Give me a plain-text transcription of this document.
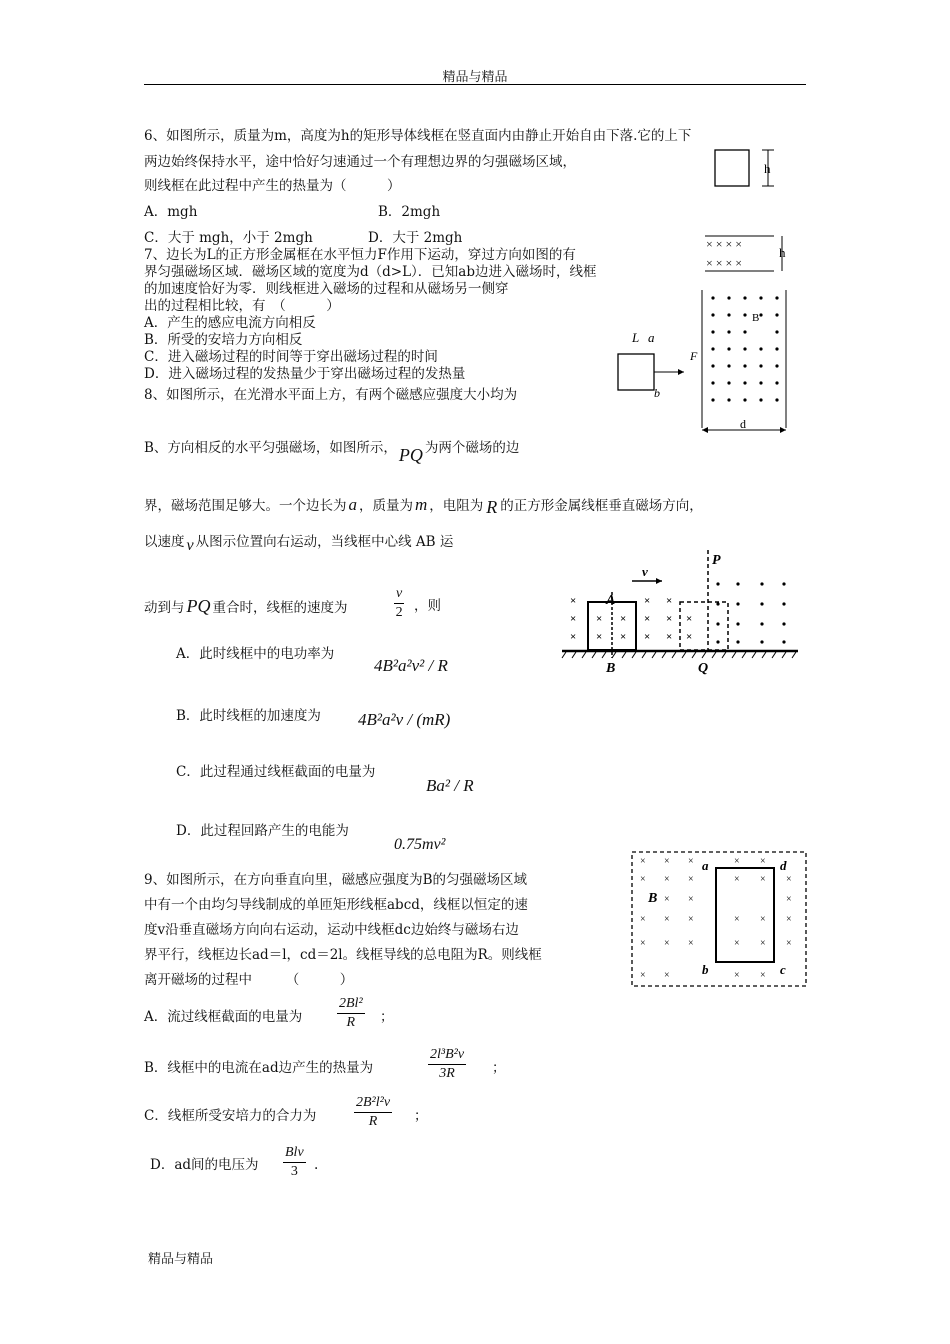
精品与精品
6、如图所示，质量为m，高度为h的矩形导体线框在竖直面内由静止开始自由下落.它的上下
两边始终保持水平，途中恰好匀速通过一个有理想边界的匀强磁场区域，
则线框在此过程中产生的热量为（　　　）
A．mgh	B．2mgh
C．大于 mgh，小于 2mgh	D．大于 2mgh
h
× × × ×
× × × ×
h
7、边长为L的正方形金属框在水平恒力F作用下运动，穿过方向如图的有
界匀强磁场区域．磁场区域的宽度为d（d>L）．已知ab边进入磁场时，线框
的加速度恰好为零．则线框进入磁场的过程和从磁场另一侧穿
出的过程相比较，有　（　　　）
A．产生的感应电流方向相反
B．所受的安培力方向相反
C．进入磁场过程的时间等于穿出磁场过程的时间
D．进入磁场过程的发热量少于穿出磁场过程的发热量
L a
b
F
B
d
8、如图所示，在光滑水平面上方，有两个磁感应强度大小均为
B、方向相反的水平匀强磁场，如图所示， PQ 为两个磁场的边
界，磁场范围足够大。一个边长为 a ，质量为 m ，电阻为 R 的正方形金属线框垂直磁场方向，
以速度 v 从图示位置向右运动，当线框中心线 AB 运
动到与 PQ 重合时，线框的速度为	$\frac{v}{2}$ ，则
A．此时线框中的电功率为
4B²a²v² / R
B．此时线框的加速度为 4B²a²v / (mR)
C．此过程通过线框截面的电量为
Ba² / R
D．此过程回路产生的电能为
0.75mv²
P
Q
A
B
v
×
×
×
×
×
×
×
×
×
×
×
×
×
×
×
9、如图所示，在方向垂直向里，磁感应强度为B的匀强磁场区域
中有一个由均匀导线制成的单匝矩形线框abcd，线框以恒定的速
度v沿垂直磁场方向向右运动，运动中线框dc边始终与磁场右边
界平行，线框边长ad＝l，cd＝2l。线框导线的总电阻为R。则线框
离开磁场的过程中　　　（　　　）
B
a	d
b	c
× × ×	× ×
× × ×	× × ×
× ×	×
× × ×	× × ×
× × ×	× × ×
× ×	× ×
A．流过线框截面的电量为 $\frac{\text{2Bl²}}{R}$ ；
B．线框中的电流在ad边产生的热量为	$\frac{\text{2l³B²v}}{3R}$ ；
C．线框所受安培力的合力为	$\frac{\text{2B²l²v}}{R}$ ；
D．ad间的电压为
Blv
3	.
精品与精品
